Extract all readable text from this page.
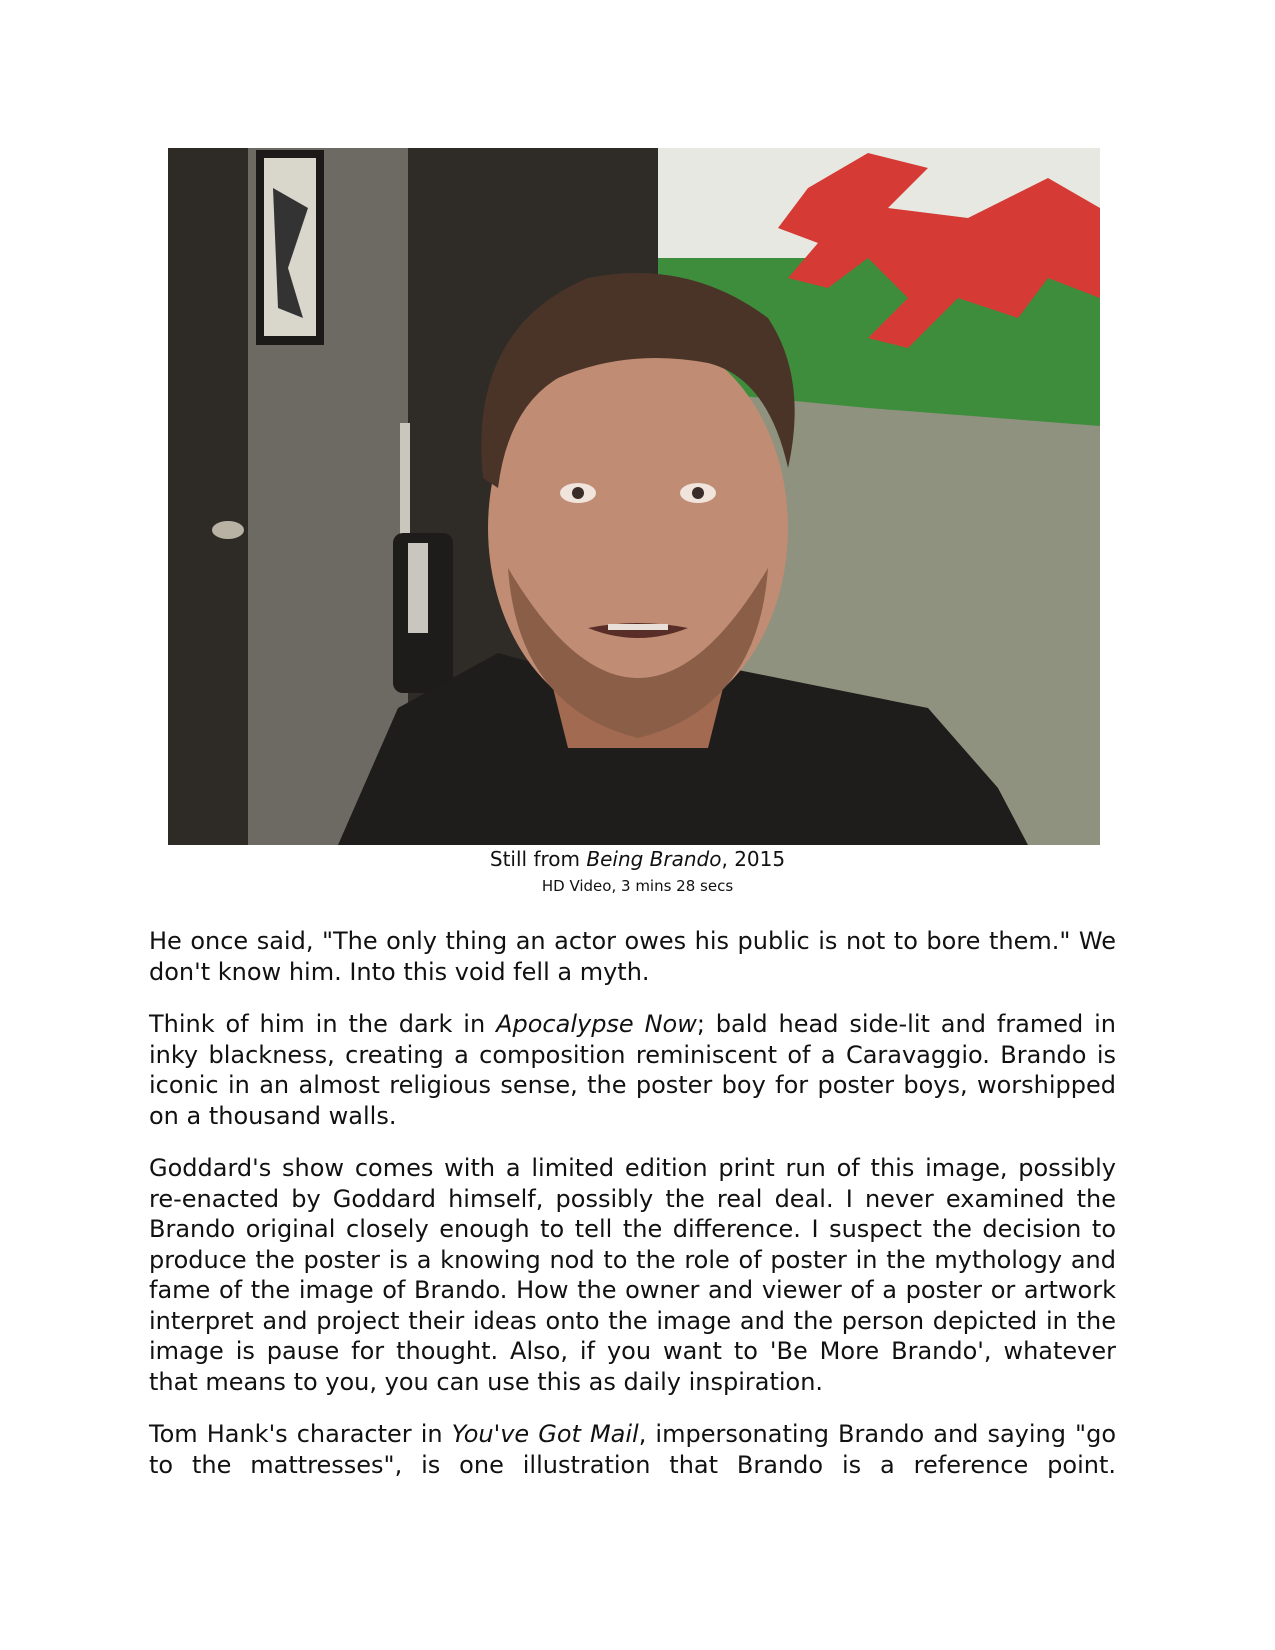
Still from Being Brando, 2015
HD Video, 3 mins 28 secs

He once said, "The only thing an actor owes his public is not to bore them." We don't know him. Into this void fell a myth.

Think of him in the dark in Apocalypse Now; bald head side-lit and framed in inky blackness, creating a composition reminiscent of a Caravaggio. Brando is iconic in an almost religious sense, the poster boy for poster boys, worshipped on a thousand walls.

Goddard's show comes with a limited edition print run of this image, possibly re-enacted by Goddard himself, possibly the real deal. I never examined the Brando original closely enough to tell the difference. I suspect the decision to produce the poster is a knowing nod to the role of poster in the mythology and fame of the image of Brando. How the owner and viewer of a poster or artwork interpret and project their ideas onto the image and the person depicted in the image is pause for thought. Also, if you want to 'Be More Brando', whatever that means to you, you can use this as daily inspiration.

Tom Hank's character in You've Got Mail, impersonating Brando and saying "go to the mattresses", is one illustration that Brando is a reference point.
